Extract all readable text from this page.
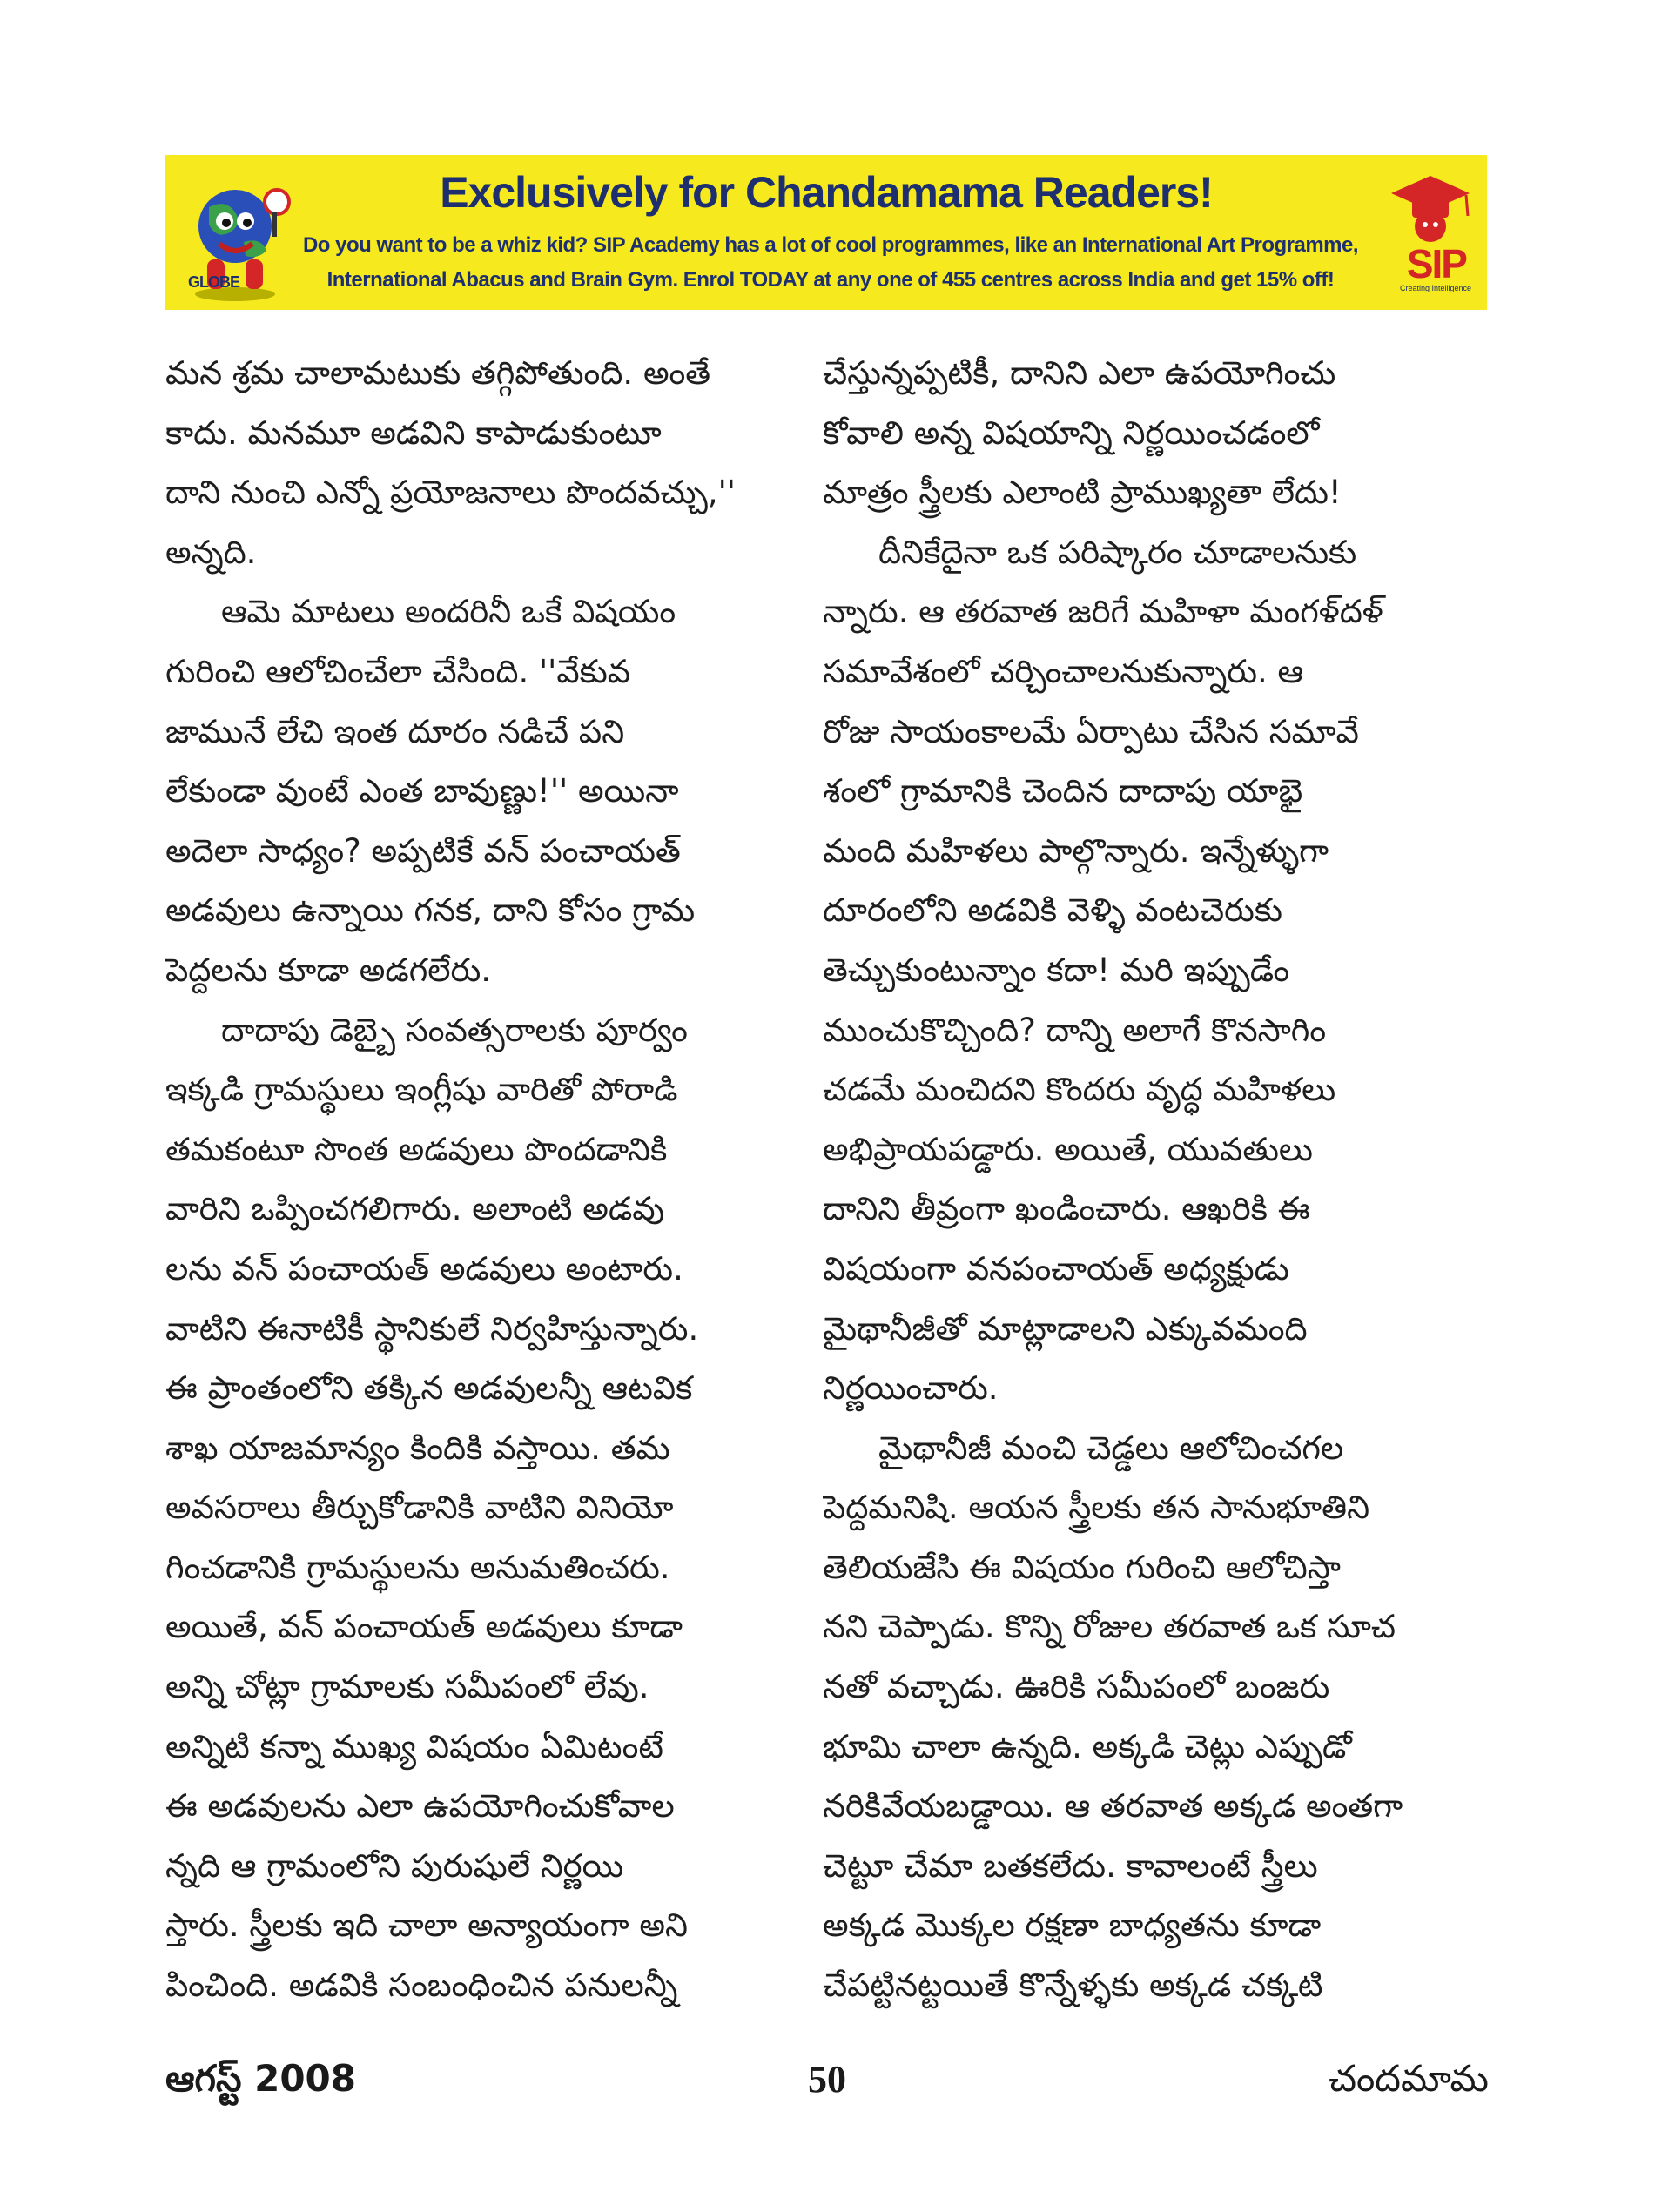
GLOBE
Exclusively for Chandamama Readers!
Do you want to be a whiz kid? SIP Academy has a lot of cool programmes, like an International Art Programme,
International Abacus and Brain Gym. Enrol TODAY at any one of 455 centres across India and get 15% off!	SIP
Creating Intelligence
మన శ్రమ చాలామటుకు తగ్గిపోతుంది. అంతే
కాదు. మనమూ అడవిని కాపాడుకుంటూ
దాని నుంచి ఎన్నో ప్రయోజనాలు పొందవచ్చు,''
అన్నది.
ఆమె మాటలు అందరినీ ఒకే విషయం
గురించి ఆలోచించేలా చేసింది. ''వేకువ
జామునే లేచి ఇంత దూరం నడిచే పని
లేకుండా వుంటే ఎంత బావుణ్ణు!'' అయినా
అదెలా సాధ్యం? అప్పటికే వన్ పంచాయత్
అడవులు ఉన్నాయి గనక, దాని కోసం గ్రామ
పెద్దలను కూడా అడగలేరు.
దాదాపు డెబ్బై సంవత్సరాలకు పూర్వం
ఇక్కడి గ్రామస్థులు ఇంగ్లీషు వారితో పోరాడి
తమకంటూ సొంత అడవులు పొందడానికి
వారిని ఒప్పించగలిగారు. అలాంటి అడవు
లను వన్ పంచాయత్ అడవులు అంటారు.
వాటిని ఈనాటికీ స్థానికులే నిర్వహిస్తున్నారు.
ఈ ప్రాంతంలోని తక్కిన అడవులన్నీ ఆటవిక
శాఖ యాజమాన్యం కిందికి వస్తాయి. తమ
అవసరాలు తీర్చుకోడానికి వాటిని వినియో
గించడానికి గ్రామస్థులను అనుమతించరు.
అయితే, వన్ పంచాయత్ అడవులు కూడా
అన్ని చోట్లా గ్రామాలకు సమీపంలో లేవు.
అన్నిటి కన్నా ముఖ్య విషయం ఏమిటంటే
ఈ అడవులను ఎలా ఉపయోగించుకోవాల
న్నది ఆ గ్రామంలోని పురుషులే నిర్ణయి
స్తారు. స్త్రీలకు ఇది చాలా అన్యాయంగా అని
పించింది. అడవికి సంబంధించిన పనులన్నీ
చేస్తున్నప్పటికీ, దానిని ఎలా ఉపయోగించు
కోవాలి అన్న విషయాన్ని నిర్ణయించడంలో
మాత్రం స్త్రీలకు ఎలాంటి ప్రాముఖ్యతా లేదు!
దీనికేదైనా ఒక పరిష్కారం చూడాలనుకు
న్నారు. ఆ తరవాత జరిగే మహిళా మంగళ్‌దళ్
సమావేశంలో చర్చించాలనుకున్నారు. ఆ
రోజు సాయంకాలమే ఏర్పాటు చేసిన సమావే
శంలో గ్రామానికి చెందిన దాదాపు యాభై
మంది మహిళలు పాల్గొన్నారు. ఇన్నేళ్ళుగా
దూరంలోని అడవికి వెళ్ళి వంటచెరుకు
తెచ్చుకుంటున్నాం కదా! మరి ఇప్పుడేం
ముంచుకొచ్చింది? దాన్ని అలాగే కొనసాగిం
చడమే మంచిదని కొందరు వృద్ధ మహిళలు
అభిప్రాయపడ్డారు. అయితే, యువతులు
దానిని తీవ్రంగా ఖండించారు. ఆఖరికి ఈ
విషయంగా వనపంచాయత్ అధ్యక్షుడు
మైథానీజీతో మాట్లాడాలని ఎక్కువమంది
నిర్ణయించారు.
మైథానీజీ మంచి చెడ్డలు ఆలోచించగల
పెద్దమనిషి. ఆయన స్త్రీలకు తన సానుభూతిని
తెలియజేసి ఈ విషయం గురించి ఆలోచిస్తా
నని చెప్పాడు. కొన్ని రోజుల తరవాత ఒక సూచ
నతో వచ్చాడు. ఊరికి సమీపంలో బంజరు
భూమి చాలా ఉన్నది. అక్కడి చెట్లు ఎప్పుడో
నరికివేయబడ్డాయి. ఆ తరవాత అక్కడ అంతగా
చెట్టూ చేమా బతకలేదు. కావాలంటే స్త్రీలు
అక్కడ మొక్కల రక్షణా బాధ్యతను కూడా
చేపట్టినట్టయితే కొన్నేళ్ళకు అక్కడ చక్కటి
ఆగస్ట్ 2008	50	చందమామ
